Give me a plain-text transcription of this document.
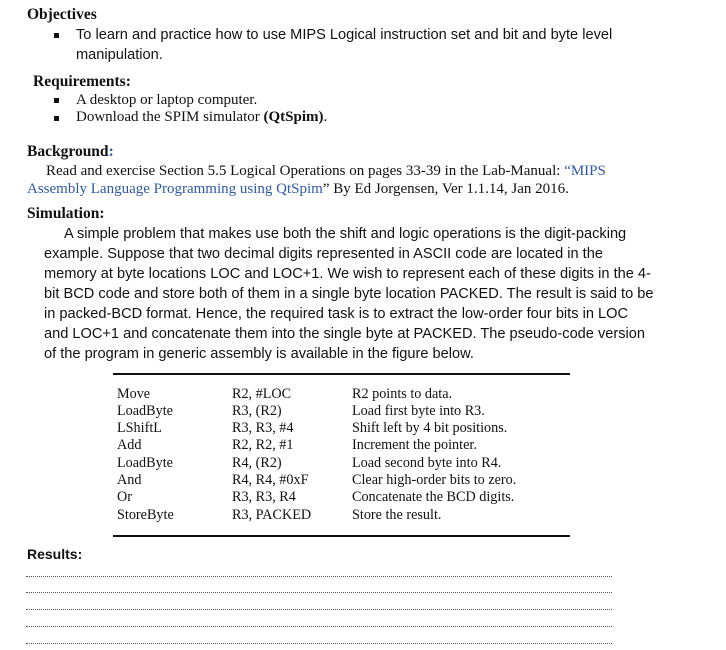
Objectives
To learn and practice how to use MIPS Logical instruction set and bit and byte level
manipulation.
Requirements:
A desktop or laptop computer.
Download the SPIM simulator (QtSpim).
Background:
Read and exercise Section 5.5 Logical Operations on pages 33-39 in the Lab-Manual: “MIPS
Assembly Language Programming using QtSpim” By Ed Jorgensen, Ver 1.1.14, Jan 2016.
Simulation:
A simple problem that makes use both the shift and logic operations is the digit-packing
example. Suppose that two decimal digits represented in ASCII code are located in the
memory at byte locations LOC and LOC+1. We wish to represent each of these digits in the 4-
bit BCD code and store both of them in a single byte location PACKED. The result is said to be
in packed-BCD format. Hence, the required task is to extract the low-order four bits in LOC
and LOC+1 and concatenate them into the single byte at PACKED. The pseudo-code version
of the program in generic assembly is available in the figure below.
Move	R2, #LOC	R2 points to data.
LoadByte	R3, (R2)	Load first byte into R3.
LShiftL	R3, R3, #4	Shift left by 4 bit positions.
Add	R2, R2, #1	Increment the pointer.
LoadByte	R4, (R2)	Load second byte into R4.
And	R4, R4, #0xF	Clear high-order bits to zero.
Or	R3, R3, R4	Concatenate the BCD digits.
StoreByte	R3, PACKED	Store the result.
Results:
